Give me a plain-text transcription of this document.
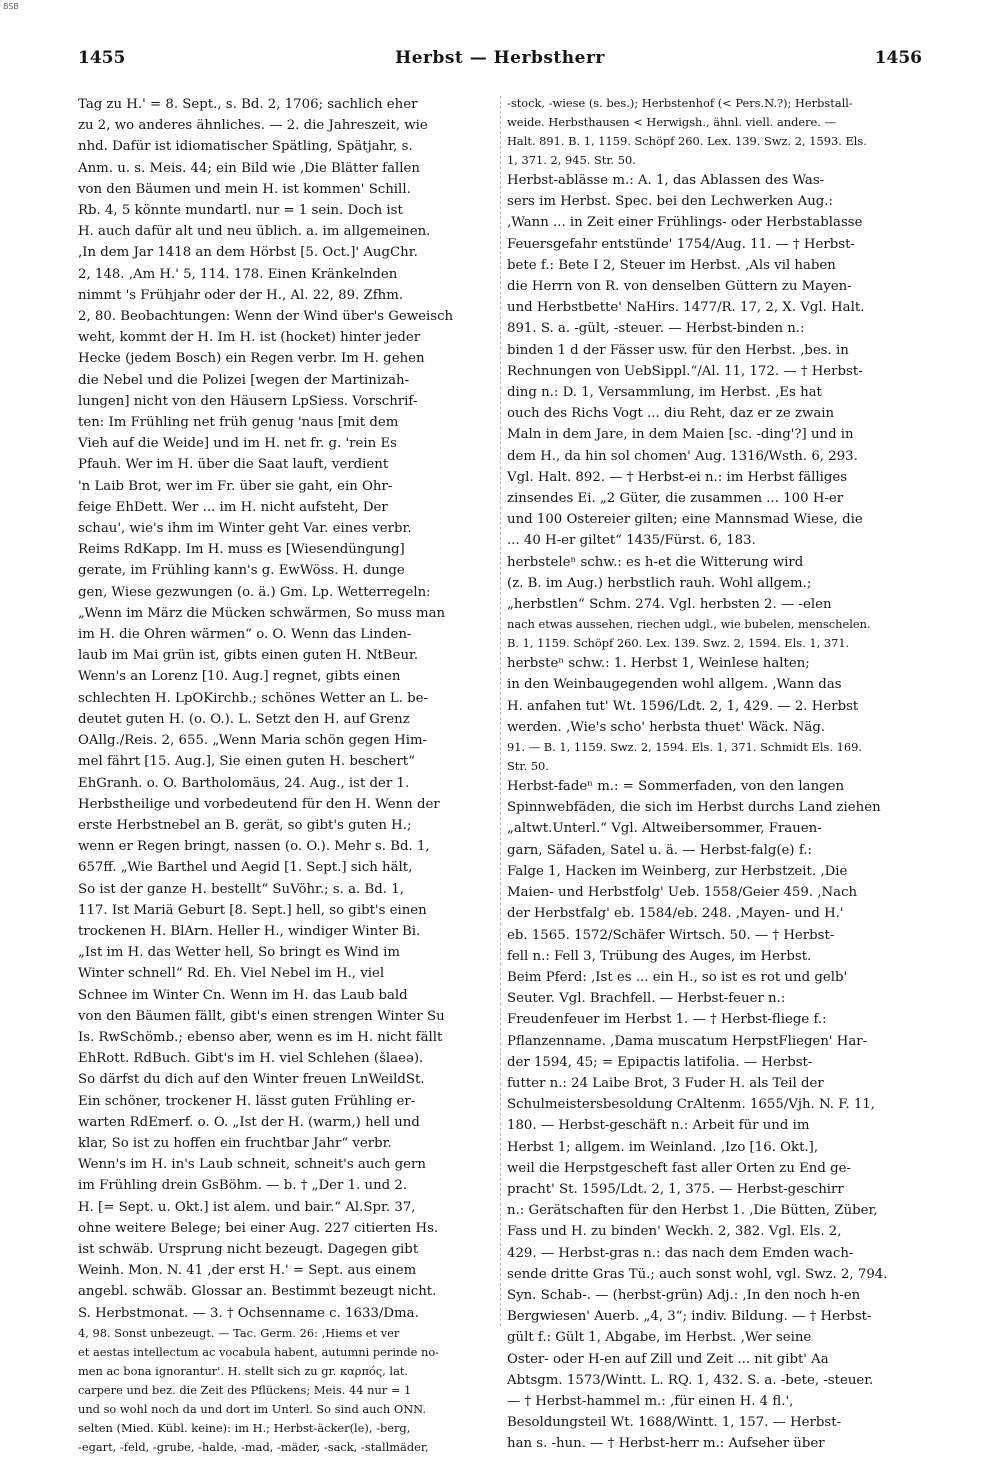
BSB
1455	Herbst — Herbstherr	1456
Tag zu H.' = 8. Sept., s. Bd. 2, 1706; sachlich eher
zu 2, wo anderes ähnliches. — 2. die Jahreszeit, wie
nhd. Dafür ist idiomatischer Spätling, Spätjahr, s.
Anm. u. s. Meis. 44; ein Bild wie ‚Die Blätter fallen
von den Bäumen und mein H. ist kommen' Schill.
Rb. 4, 5 könnte mundartl. nur = 1 sein. Doch ist
H. auch dafür alt und neu üblich. a. im allgemeinen.
‚In dem Jar 1418 an dem Hörbst [5. Oct.]' AugChr.
2, 148. ‚Am H.' 5, 114. 178. Einen Kränkelnden
nimmt 's Frühjahr oder der H., Al. 22, 89. Zfhm.
2, 80. Beobachtungen: Wenn der Wind über's Geweisch
weht, kommt der H. Im H. ist (hocket) hinter jeder
Hecke (jedem Bosch) ein Regen verbr. Im H. gehen
die Nebel und die Polizei [wegen der Martinizah-
lungen] nicht von den Häusern LpSiess. Vorschrif-
ten: Im Frühling net früh genug 'naus [mit dem
Vieh auf die Weide] und im H. net fr. g. 'rein Es
Pfauh. Wer im H. über die Saat lauft, verdient
'n Laib Brot, wer im Fr. über sie gaht, ein Ohr-
feige EhDett. Wer ... im H. nicht aufsteht, Der
schau', wie's ihm im Winter geht Var. eines verbr.
Reims RdKapp. Im H. muss es [Wiesendüngung]
gerate, im Frühling kann's g. EwWöss. H. dunge
gen, Wiese gezwungen (o. ä.) Gm. Lp. Wetterregeln:
„Wenn im März die Mücken schwärmen, So muss man
im H. die Ohren wärmen“ o. O. Wenn das Linden-
laub im Mai grün ist, gibts einen guten H. NtBeur.
Wenn's an Lorenz [10. Aug.] regnet, gibts einen
schlechten H. LpOKirchb.; schönes Wetter an L. be-
deutet guten H. (o. O.). L. Setzt den H. auf Grenz
OAllg./Reis. 2, 655. „Wenn Maria schön gegen Him-
mel fährt [15. Aug.], Sie einen guten H. beschert“
EhGranh. o. O. Bartholomäus, 24. Aug., ist der 1.
Herbstheilige und vorbedeutend für den H. Wenn der
erste Herbstnebel an B. gerät, so gibt's guten H.;
wenn er Regen bringt, nassen (o. O.). Mehr s. Bd. 1,
657ff. „Wie Barthel und Aegid [1. Sept.] sich hält,
So ist der ganze H. bestellt“ SuVöhr.; s. a. Bd. 1,
117. Ist Mariä Geburt [8. Sept.] hell, so gibt's einen
trockenen H. BlArn. Heller H., windiger Winter Bi.
„Ist im H. das Wetter hell, So bringt es Wind im
Winter schnell“ Rd. Eh. Viel Nebel im H., viel
Schnee im Winter Cn. Wenn im H. das Laub bald
von den Bäumen fällt, gibt's einen strengen Winter Su
Is. RwSchömb.; ebenso aber, wenn es im H. nicht fällt
EhRott. RdBuch. Gibt's im H. viel Schlehen (šlaeə).
So därfst du dich auf den Winter freuen LnWeildSt.
Ein schöner, trockener H. lässt guten Frühling er-
warten RdEmerf. o. O. „Ist der H. (warm,) hell und
klar, So ist zu hoffen ein fruchtbar Jahr“ verbr.
Wenn's im H. in's Laub schneit, schneit's auch gern
im Frühling drein GsBöhm. — b. † „Der 1. und 2.
H. [= Sept. u. Okt.] ist alem. und bair.“ Al.Spr. 37,
ohne weitere Belege; bei einer Aug. 227 citierten Hs.
ist schwäb. Ursprung nicht bezeugt. Dagegen gibt
Weinh. Mon. N. 41 ‚der erst H.' = Sept. aus einem
angebl. schwäb. Glossar an. Bestimmt bezeugt nicht.
S. Herbstmonat. — 3. † Ochsenname c. 1633/Dma.
4, 98. Sonst unbezeugt. — Tac. Germ. 26: ‚Hiems et ver
et aestas intellectum ac vocabula habent, autumni perinde no-
men ac bona ignorantur'. H. stellt sich zu gr. καρπός, lat.
carpere und bez. die Zeit des Pflückens; Meis. 44 nur = 1
und so wohl noch da und dort im Unterl. So sind auch ONN.
selten (Mied. Kübl. keine): im H.; Herbst-äcker(le), -berg,
-egart, -feld, -grube, -halde, -mad, -mäder, -sack, -stallmäder,
-stock, -wiese (s. bes.); Herbstenhof (< Pers.N.?); Herbstall-
weide. Herbsthausen < Herwigsh., ähnl. viell. andere. —
Halt. 891. B. 1, 1159. Schöpf 260. Lex. 139. Swz. 2, 1593. Els.
1, 371. 2, 945. Str. 50.
Herbst-ablässe m.: A. 1, das Ablassen des Was-
sers im Herbst. Spec. bei den Lechwerken Aug.:
‚Wann ... in Zeit einer Frühlings- oder Herbstablasse
Feuersgefahr entstünde' 1754/Aug. 11. — † Herbst-
bete f.: Bete I 2, Steuer im Herbst. ‚Als vil haben
die Herrn von R. von denselben Güttern zu Mayen-
und Herbstbette' NaHirs. 1477/R. 17, 2, X. Vgl. Halt.
891. S. a. -gült, -steuer. — Herbst-binden n.:
binden 1 d der Fässer usw. für den Herbst. ‚bes. in
Rechnungen von UebSippl.“/Al. 11, 172. — † Herbst-
ding n.: D. 1, Versammlung, im Herbst. ‚Es hat
ouch des Richs Vogt ... diu Reht, daz er ze zwain
Maln in dem Jare, in dem Maien [sc. -ding'?] und in
dem H., da hin sol chomen' Aug. 1316/Wsth. 6, 293.
Vgl. Halt. 892. — † Herbst-ei n.: im Herbst fälliges
zinsendes Ei. „2 Güter, die zusammen ... 100 H-er
und 100 Ostereier gilten; eine Mannsmad Wiese, die
... 40 H-er giltet“ 1435/Fürst. 6, 183.
herbsteleⁿ schw.: es h-et die Witterung wird
(z. B. im Aug.) herbstlich rauh. Wohl allgem.;
„herbstlen“ Schm. 274. Vgl. herbsten 2. — -elen
nach etwas aussehen, riechen udgl., wie bubelen, menschelen.
B. 1, 1159. Schöpf 260. Lex. 139. Swz. 2, 1594. Els. 1, 371.
herbsteⁿ schw.: 1. Herbst 1, Weinlese halten;
in den Weinbaugegenden wohl allgem. ‚Wann das
H. anfahen tut' Wt. 1596/Ldt. 2, 1, 429. — 2. Herbst
werden. ‚Wie's scho' herbsta thuet' Wäck. Näg.
91. — B. 1, 1159. Swz. 2, 1594. Els. 1, 371. Schmidt Els. 169.
Str. 50.
Herbst-fadeⁿ m.: = Sommerfaden, von den langen
Spinnwebfäden, die sich im Herbst durchs Land ziehen
„altwt.Unterl.“ Vgl. Altweibersommer, Frauen-
garn, Säfaden, Satel u. ä. — Herbst-falg(e) f.:
Falge 1, Hacken im Weinberg, zur Herbstzeit. ‚Die
Maien- und Herbstfolg' Ueb. 1558/Geier 459. ‚Nach
der Herbstfalg' eb. 1584/eb. 248. ‚Mayen- und H.'
eb. 1565. 1572/Schäfer Wirtsch. 50. — † Herbst-
fell n.: Fell 3, Trübung des Auges, im Herbst.
Beim Pferd: ‚Ist es ... ein H., so ist es rot und gelb'
Seuter. Vgl. Brachfell. — Herbst-feuer n.:
Freudenfeuer im Herbst 1. — † Herbst-fliege f.:
Pflanzenname. ‚Dama muscatum HerpstFliegen' Har-
der 1594, 45; = Epipactis latifolia. — Herbst-
futter n.: 24 Laibe Brot, 3 Fuder H. als Teil der
Schulmeistersbesoldung CrAltenm. 1655/Vjh. N. F. 11,
180. — Herbst-geschäft n.: Arbeit für und im
Herbst 1; allgem. im Weinland. ‚Izo [16. Okt.],
weil die Herpstgescheft fast aller Orten zu End ge-
pracht' St. 1595/Ldt. 2, 1, 375. — Herbst-geschirr
n.: Gerätschaften für den Herbst 1. ‚Die Bütten, Züber,
Fass und H. zu binden' Weckh. 2, 382. Vgl. Els. 2,
429. — Herbst-gras n.: das nach dem Emden wach-
sende dritte Gras Tü.; auch sonst wohl, vgl. Swz. 2, 794.
Syn. Schab-. — (herbst-grün) Adj.: ‚In den noch h-en
Bergwiesen' Auerb. „4, 3“; indiv. Bildung. — † Herbst-
gült f.: Gült 1, Abgabe, im Herbst. ‚Wer seine
Oster- oder H-en auf Zill und Zeit ... nit gibt' Aa
Abtsgm. 1573/Wintt. L. RQ. 1, 432. S. a. -bete, -steuer.
— † Herbst-hammel m.: ‚für einen H. 4 fl.',
Besoldungsteil Wt. 1688/Wintt. 1, 157. — Herbst-
han s. -hun. — † Herbst-herr m.: Aufseher über
